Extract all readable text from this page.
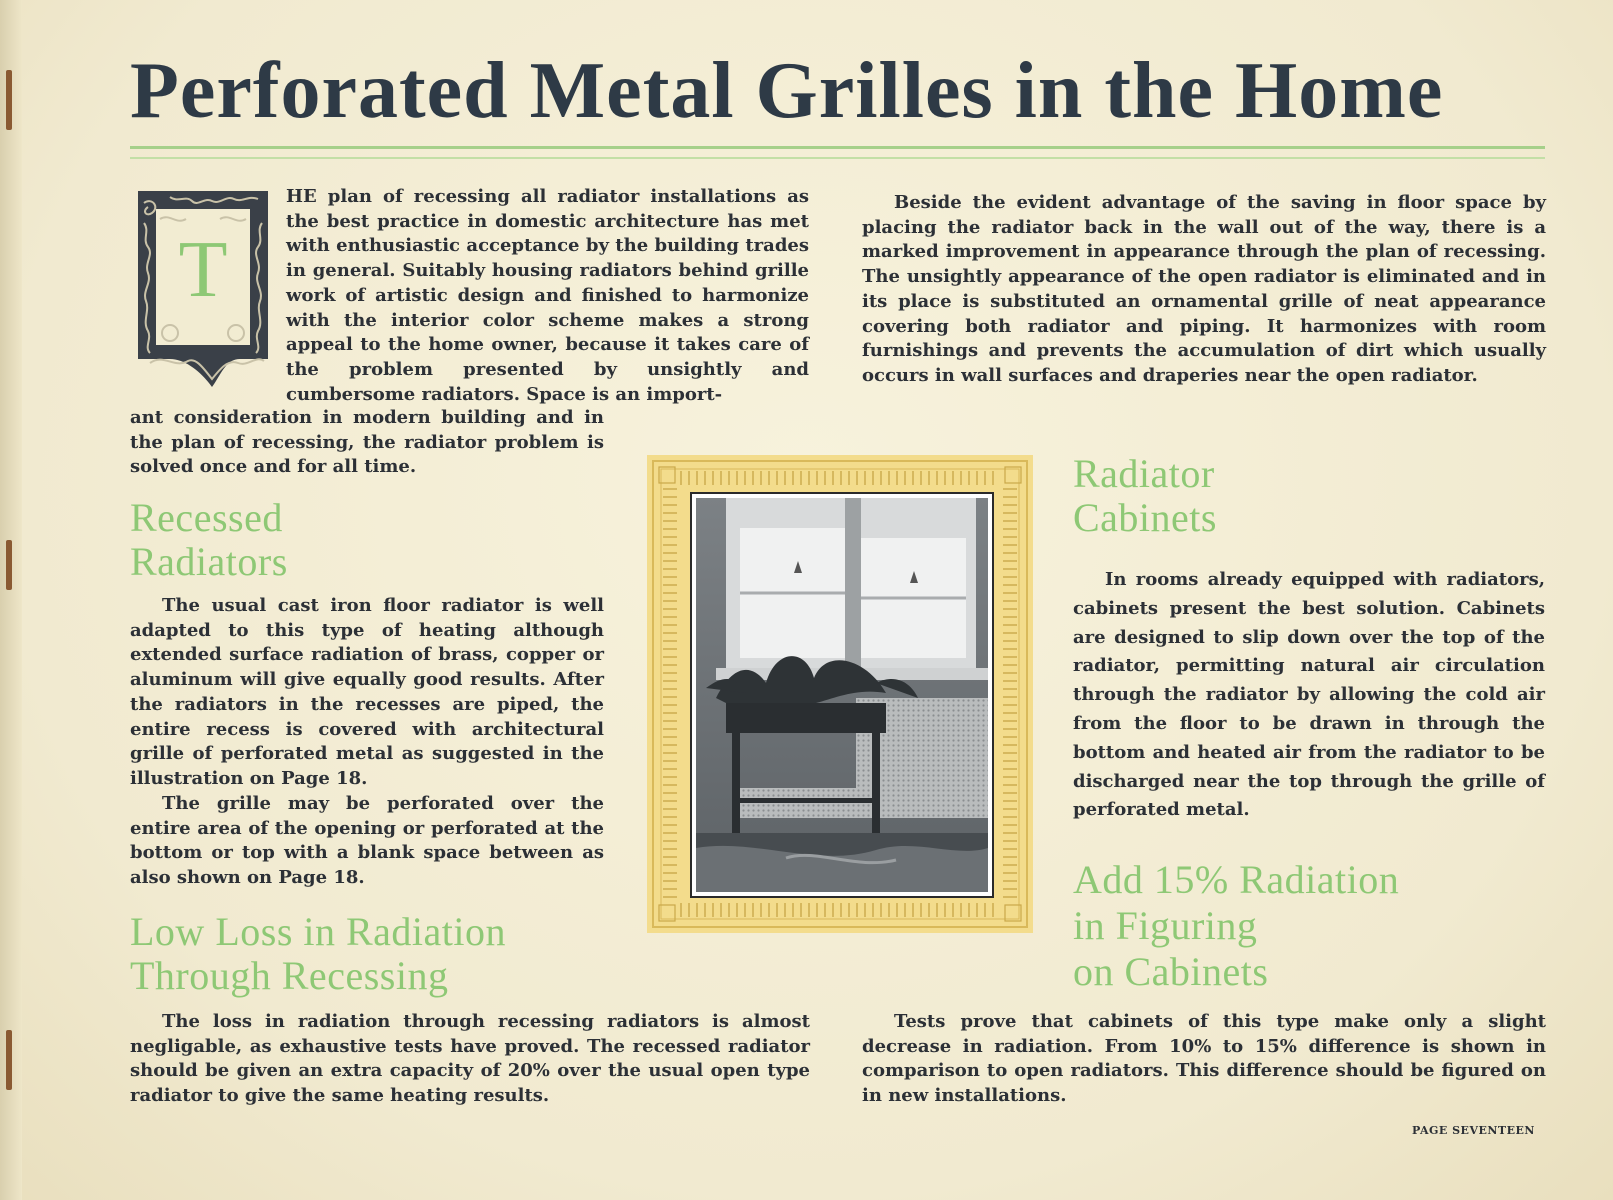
Perforated Metal Grilles in the Home
T

HE plan of recessing all radiator installations as the best practice in domestic architecture has met with enthusiastic acceptance by the building trades in general. Suitably housing radiators behind grille work of artistic design and finished to harmonize with the interior color scheme makes a strong appeal to the home owner, because it takes care of the problem presented by unsightly and cumbersome radiators. Space is an import-

ant consideration in modern building and in the plan of recessing, the radiator problem is solved once and for all time.

Beside the evident advantage of the saving in floor space by placing the radiator back in the wall out of the way, there is a marked improvement in appearance through the plan of recessing. The unsightly appearance of the open radiator is eliminated and in its place is substituted an ornamental grille of neat appearance covering both radiator and piping. It harmonizes with room furnishings and prevents the accumulation of dirt which usually occurs in wall surfaces and draperies near the open radiator.

Recessed
Radiators

The usual cast iron floor radiator is well adapted to this type of heating although extended surface radiation of brass, copper or aluminum will give equally good results. After the radiators in the recesses are piped, the entire recess is covered with architectural grille of perforated metal as suggested in the illustration on Page 18.

The grille may be perforated over the entire area of the opening or perforated at the bottom or top with a blank space between as also shown on Page 18.

Low Loss in Radiation
Through Recessing

The loss in radiation through recessing radiators is almost negligable, as exhaustive tests have proved. The recessed radiator should be given an extra capacity of 20% over the usual open type radiator to give the same heating results.

Radiator
Cabinets

In rooms already equipped with radiators, cabinets present the best solution. Cabinets are designed to slip down over the top of the radiator, permitting natural air circulation through the radiator by allowing the cold air from the floor to be drawn in through the bottom and heated air from the radiator to be discharged near the top through the grille of perforated metal.

Add 15% Radiation
in Figuring
on Cabinets

Tests prove that cabinets of this type make only a slight decrease in radiation. From 10% to 15% difference is shown in comparison to open radiators. This difference should be figured on in new installations.

PAGE SEVENTEEN
